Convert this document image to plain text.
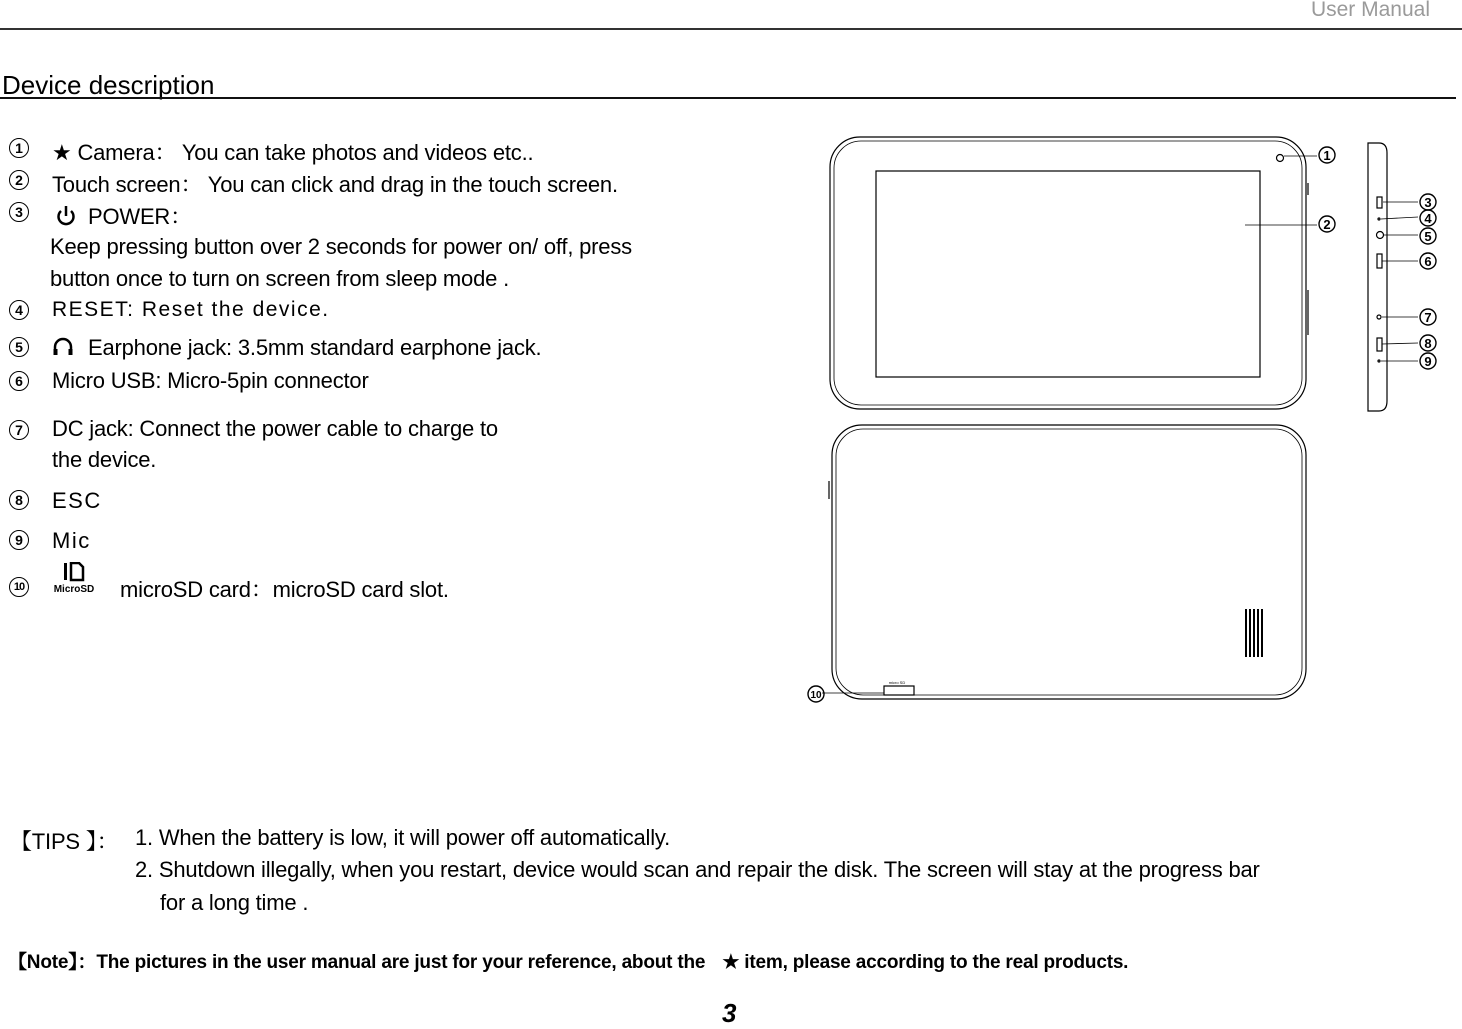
User Manual
Device description
1 ★ Camera： You can take photos and videos etc..
2 Touch screen： You can click and drag in the touch screen.
3	POWER：
Keep pressing button over 2 seconds for power on/ off, press
button once to turn on screen from sleep mode .
4 RESET: Reset the device.
5	Earphone jack: 3.5mm standard earphone jack.
6 Micro USB: Micro-5pin connector
7 DC jack: Connect the power cable to charge to
the device.
8 ESC
9 Mic
10	MicroSD microSD card：microSD card slot.
1
2
3
4
5
6
7
8
9
10
micro SD
【TIPS 】： 1. When the battery is low, it will power off automatically.
2. Shutdown illegally, when you restart, device would scan and repair the disk. The screen will stay at the progress bar
for a long time .
【Note】：The pictures in the user manual are just for your reference, about the ★ item, please according to the real products.
3
